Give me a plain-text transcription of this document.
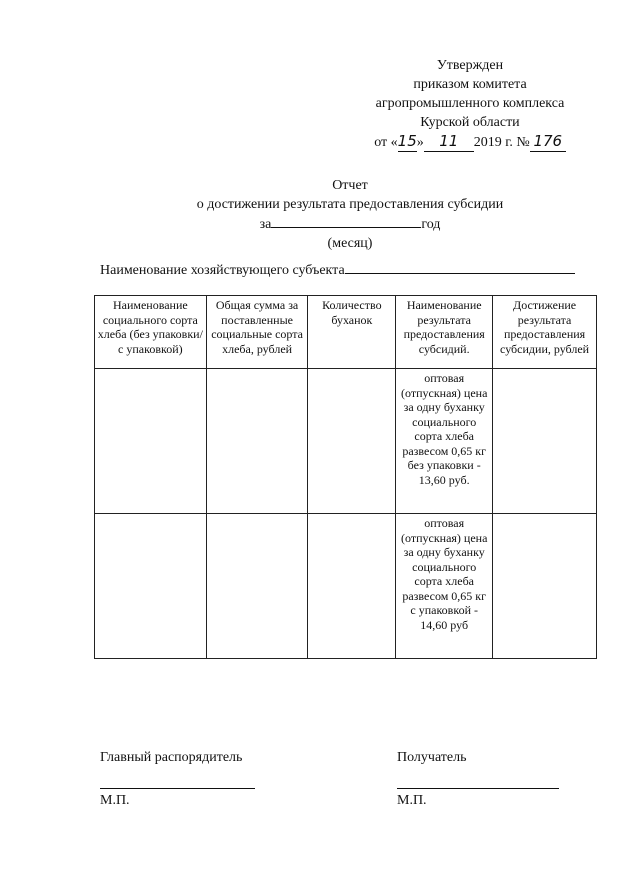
Утвержден
приказом комитета
агропромышленного комплекса
Курской области
от «15» 11 2019 г. № 176
Отчет
о достижении результата предоставления субсидии
за	год
(месяц)
Наименование хозяйствующего субъекта
Наименование социального сорта хлеба (без упаковки/с упаковкой)	Общая сумма за поставленные социальные сорта хлеба, рублей	Количество буханок	Наименование результата предоставления субсидий.	Достижение результата предоставления субсидии, рублей
			оптовая (отпускная) цена за одну буханку социального сорта хлеба развесом 0,65 кг без упаковки - 13,60 руб.	
			оптовая (отпускная) цена за одну буханку социального сорта хлеба развесом 0,65 кг с упаковкой - 14,60 руб	
Главный распорядитель
М.П.
Получатель
М.П.
